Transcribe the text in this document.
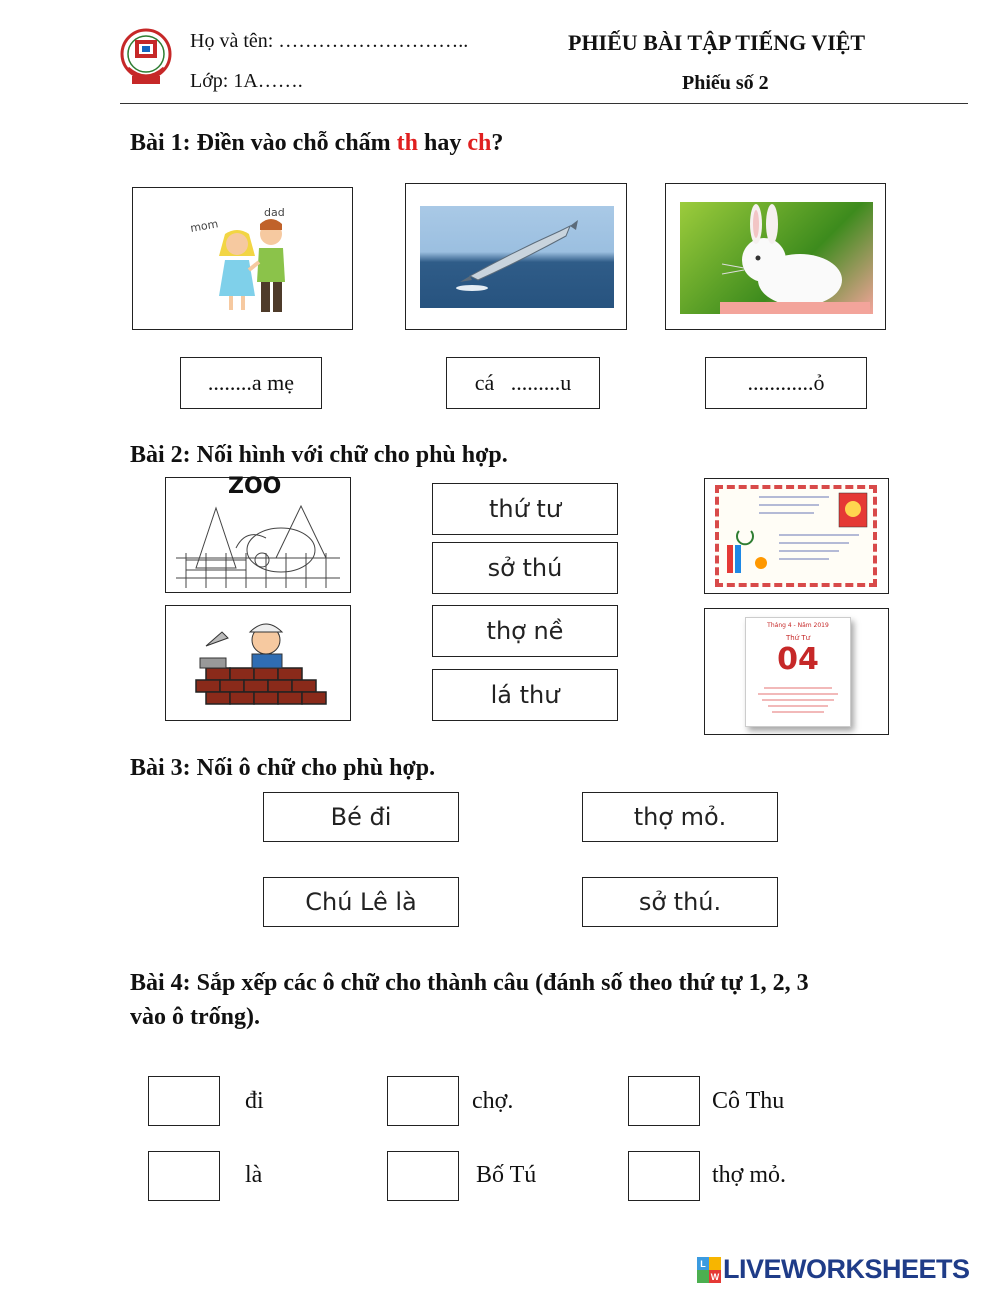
Họ và tên: ………………………..
Lớp: 1A…….
PHIẾU BÀI TẬP TIẾNG VIỆT
Phiếu số 2
Bài 1: Điền vào chỗ chấm th hay ch?
mom
dad
........a mẹ	cá   .........u	............ỏ
Bài 2: Nối hình với chữ cho phù hợp.
ZOO
thứ tư
sở thú
thợ nề
lá thư
Tháng 4 - Năm 2019
Thứ Tư
04
Bài 3: Nối ô chữ cho phù hợp.
Bé đi
Chú Lê là
thợ mỏ.
sở thú.
Bài 4: Sắp xếp các ô chữ cho thành câu (đánh số theo thứ tự 1, 2, 3
vào ô trống).
đi	chợ.	Cô Thu
là	Bố Tú	thợ mỏ.
L
W LIVEWORKSHEETS
